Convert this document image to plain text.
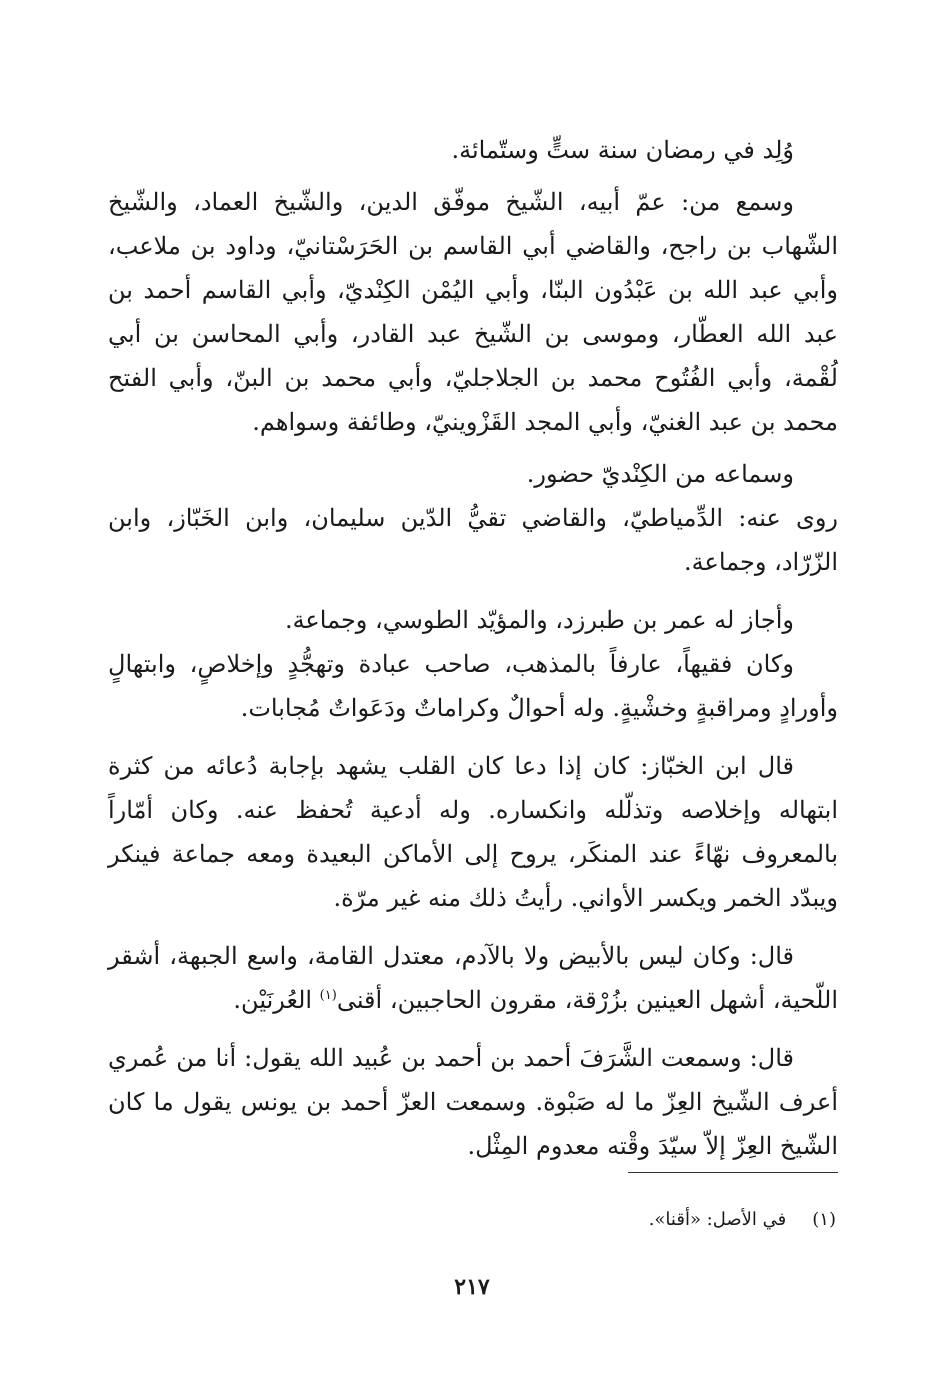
وُلِد في رمضان سنة ستٍّ وستّمائة.

وسمع من: عمّ أبيه، الشّيخ موفّق الدين، والشّيخ العماد، والشّيخ الشّهاب بن راجح، والقاضي أبي القاسم بن الحَرَسْتانيّ، وداود بن ملاعب، وأبي عبد الله بن عَبْدُون البنّا، وأبي اليُمْن الكِنْديّ، وأبي القاسم أحمد بن عبد الله العطّار، وموسى بن الشّيخ عبد القادر، وأبي المحاسن بن أبي لُقْمة، وأبي الفُتُوح محمد بن الجلاجليّ، وأبي محمد بن البنّ، وأبي الفتح محمد بن عبد الغنيّ، وأبي المجد القَزْوينيّ، وطائفة وسواهم.

وسماعه من الكِنْديّ حضور.

روى عنه: الدِّمياطيّ، والقاضي تقيُّ الدّين سليمان، وابن الخَبّاز، وابن الزّرّاد، وجماعة.

وأجاز له عمر بن طبرزد، والمؤيّد الطوسي، وجماعة.

وكان فقيهاً، عارفاً بالمذهب، صاحب عبادة وتهجُّدٍ وإخلاصٍ، وابتهالٍ وأورادٍ ومراقبةٍ وخشْيةٍ. وله أحوالٌ وكراماتٌ ودَعَواتٌ مُجابات.

قال ابن الخبّاز: كان إذا دعا كان القلب يشهد بإجابة دُعائه من كثرة ابتهاله وإخلاصه وتذلّله وانكساره. وله أدعية تُحفظ عنه. وكان أمّاراً بالمعروف نهّاءً عند المنكَر، يروح إلى الأماكن البعيدة ومعه جماعة فينكر ويبدّد الخمر ويكسر الأواني. رأيتُ ذلك منه غير مرّة.

قال: وكان ليس بالأبيض ولا بالآدم، معتدل القامة، واسع الجبهة، أشقر اللّحية، أشهل العينين بزُرْقة، مقرون الحاجبين، أقنى$^{(١)}$ العُرنَيْن.

قال: وسمعت الشَّرَفَ أحمد بن أحمد بن عُبيد الله يقول: أنا من عُمري أعرف الشّيخ العِزّ ما له صَبْوة. وسمعت العزّ أحمد بن يونس يقول ما كان الشّيخ العِزّ إلاّ سيّدَ وقْته معدوم المِثْل.

(١)في الأصل: «أقنا».
٢١٧
